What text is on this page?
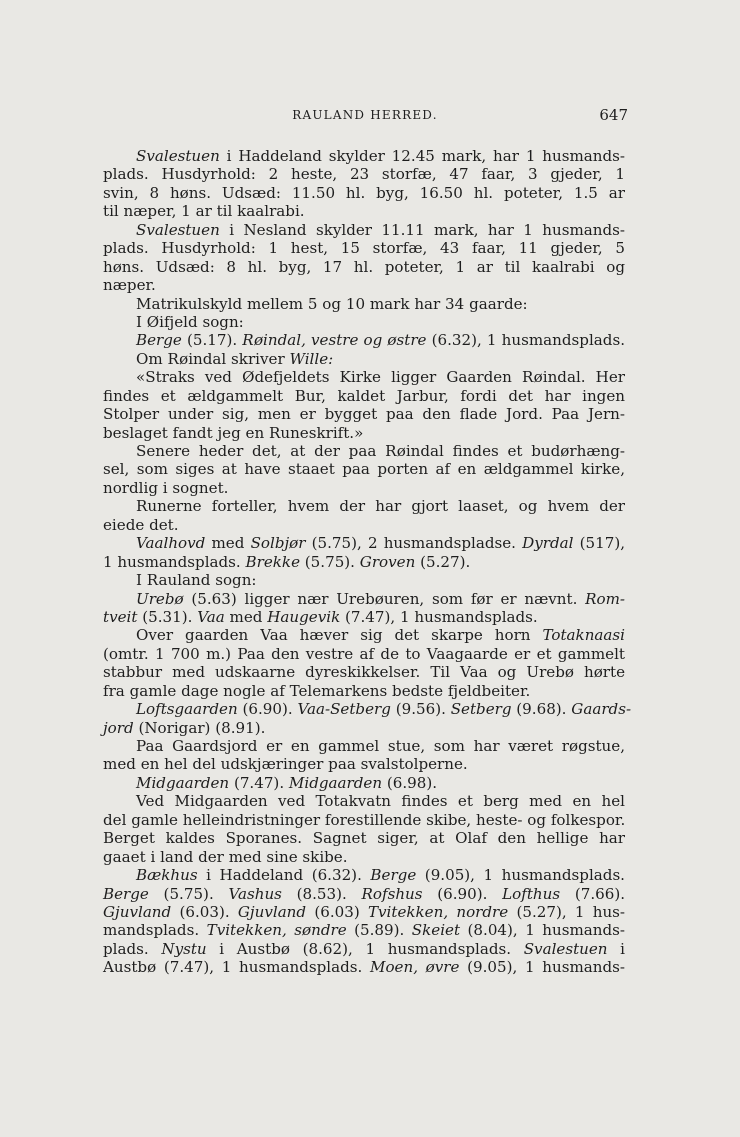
RAULAND HERRED.	647
Svalestuen i Haddeland skylder 12.45 mark, har 1 husmands-
plads. Husdyrhold: 2 heste, 23 storfæ, 47 faar, 3 gjeder, 1
svin, 8 høns. Udsæd: 11.50 hl. byg, 16.50 hl. poteter, 1.5 ar
til næper, 1 ar til kaalrabi.
Svalestuen i Nesland skylder 11.11 mark, har 1 husmands-
plads. Husdyrhold: 1 hest, 15 storfæ, 43 faar, 11 gjeder, 5
høns. Udsæd: 8 hl. byg, 17 hl. poteter, 1 ar til kaalrabi og
næper.
Matrikulskyld mellem 5 og 10 mark har 34 gaarde:
I Øifjeld sogn:
Berge (5.17). Røindal, vestre og østre (6.32), 1 husmandsplads.
Om Røindal skriver Wille:
«Straks ved Ødefjeldets Kirke ligger Gaarden Røindal. Her
findes et ældgammelt Bur, kaldet Jarbur, fordi det har ingen
Stolper under sig, men er bygget paa den flade Jord. Paa Jern-
beslaget fandt jeg en Runeskrift.»
Senere heder det, at der paa Røindal findes et budørhæng-
sel, som siges at have staaet paa porten af en ældgammel kirke,
nordlig i sognet.
Runerne forteller, hvem der har gjort laaset, og hvem der
eiede det.
Vaalhovd med Solbjør (5.75), 2 husmandspladse. Dyrdal (517),
1 husmandsplads. Brekke (5.75). Groven (5.27).
I Rauland sogn:
Urebø (5.63) ligger nær Urebøuren, som før er nævnt. Rom-
tveit (5.31). Vaa med Haugevik (7.47), 1 husmandsplads.
Over gaarden Vaa hæver sig det skarpe horn Totaknaasi
(omtr. 1 700 m.) Paa den vestre af de to Vaagaarde er et gammelt
stabbur med udskaarne dyreskikkelser. Til Vaa og Urebø hørte
fra gamle dage nogle af Telemarkens bedste fjeldbeiter.
Loftsgaarden (6.90). Vaa-Setberg (9.56). Setberg (9.68). Gaards-
jord (Norigar) (8.91).
Paa Gaardsjord er en gammel stue, som har været røgstue,
med en hel del udskjæringer paa svalstolperne.
Midgaarden (7.47). Midgaarden (6.98).
Ved Midgaarden ved Totakvatn findes et berg med en hel
del gamle helleindristninger forestillende skibe, heste- og folkespor.
Berget kaldes Sporanes. Sagnet siger, at Olaf den hellige har
gaaet i land der med sine skibe.
Bækhus i Haddeland (6.32). Berge (9.05), 1 husmandsplads.
Berge (5.75). Vashus (8.53). Rofshus (6.90). Lofthus (7.66).
Gjuvland (6.03). Gjuvland (6.03) Tvitekken, nordre (5.27), 1 hus-
mandsplads. Tvitekken, søndre (5.89). Skeiet (8.04), 1 husmands-
plads. Nystu i Austbø (8.62), 1 husmandsplads. Svalestuen i
Austbø (7.47), 1 husmandsplads. Moen, øvre (9.05), 1 husmands-
